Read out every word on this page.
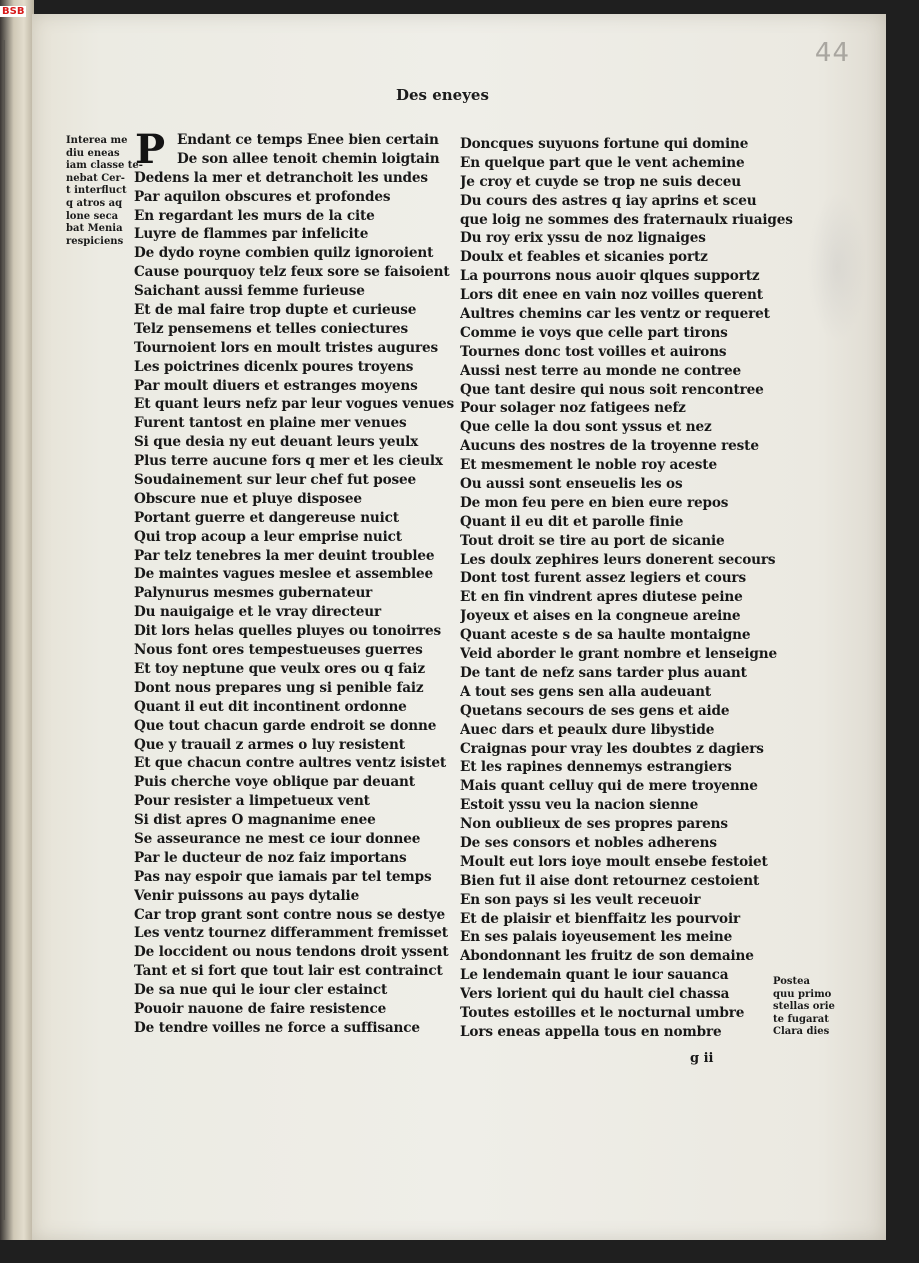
BSB
44
Des eneyes
Interea me
diu eneas
iam classe te-
nebat Cer-
t interfluct
q atros aq
lone seca
bat Menia
respiciens
P Endant ce temps Enee bien certain
De son allee tenoit chemin loigtain
Dedens la mer et detranchoit les undes
Par aquilon obscures et profondes
En regardant les murs de la cite
Luyre de flammes par infelicite
De dydo royne combien quilz ignoroient
Cause pourquoy telz feux sore se faisoient
Saichant aussi femme furieuse
Et de mal faire trop dupte et curieuse
Telz pensemens et telles coniectures
Tournoient lors en moult tristes augures
Les poictrines dicenlx poures troyens
Par moult diuers et estranges moyens
Et quant leurs nefz par leur vogues venues
Furent tantost en plaine mer venues
Si que desia ny eut deuant leurs yeulx
Plus terre aucune fors q mer et les cieulx
Soudainement sur leur chef fut posee
Obscure nue et pluye disposee
Portant guerre et dangereuse nuict
Qui trop acoup a leur emprise nuict
Par telz tenebres la mer deuint troublee
De maintes vagues meslee et assemblee
Palynurus mesmes gubernateur
Du nauigaige et le vray directeur
Dit lors helas quelles pluyes ou tonoirres
Nous font ores tempestueuses guerres
Et toy neptune que veulx ores ou q faiz
Dont nous prepares ung si penible faiz
Quant il eut dit incontinent ordonne
Que tout chacun garde endroit se donne
Que y trauail z armes o luy resistent
Et que chacun contre aultres ventz isistet
Puis cherche voye oblique par deuant
Pour resister a limpetueux vent
Si dist apres O magnanime enee
Se asseurance ne mest ce iour donnee
Par le ducteur de noz faiz importans
Pas nay espoir que iamais par tel temps
Venir puissons au pays dytalie
Car trop grant sont contre nous se destye
Les ventz tournez differamment fremisset
De loccident ou nous tendons droit yssent
Tant et si fort que tout lair est contrainct
De sa nue qui le iour cler estainct
Pouoir nauone de faire resistence
De tendre voilles ne force a suffisance
Doncques suyuons fortune qui domine
En quelque part que le vent achemine
Je croy et cuyde se trop ne suis deceu
Du cours des astres q iay aprins et sceu
que loig ne sommes des fraternaulx riuaiges
Du roy erix yssu de noz lignaiges
Doulx et feables et sicanies portz
La pourrons nous auoir qlques supportz
Lors dit enee en vain noz voilles querent
Aultres chemins car les ventz or requeret
Comme ie voys que celle part tirons
Tournes donc tost voilles et auirons
Aussi nest terre au monde ne contree
Que tant desire qui nous soit rencontree
Pour solager noz fatigees nefz
Que celle la dou sont yssus et nez
Aucuns des nostres de la troyenne reste
Et mesmement le noble roy aceste
Ou aussi sont enseuelis les os
De mon feu pere en bien eure repos
Quant il eu dit et parolle finie
Tout droit se tire au port de sicanie
Les doulx zephires leurs donerent secours
Dont tost furent assez legiers et cours
Et en fin vindrent apres diutese peine
Joyeux et aises en la congneue areine
Quant aceste s de sa haulte montaigne
Veid aborder le grant nombre et lenseigne
De tant de nefz sans tarder plus auant
A tout ses gens sen alla audeuant
Quetans secours de ses gens et aide
Auec dars et peaulx dure libystide
Craignas pour vray les doubtes z dagiers
Et les rapines dennemys estrangiers
Mais quant celluy qui de mere troyenne
Estoit yssu veu la nacion sienne
Non oublieux de ses propres parens
De ses consors et nobles adherens
Moult eut lors ioye moult ensebe festoiet
Bien fut il aise dont retournez cestoient
En son pays si les veult receuoir
Et de plaisir et bienffaitz les pourvoir
En ses palais ioyeusement les meine
Abondonnant les fruitz de son demaine
Le lendemain quant le iour sauanca
Vers lorient qui du hault ciel chassa
Toutes estoilles et le nocturnal umbre
Lors eneas appella tous en nombre
Postea
quu primo
stellas orie
te fugarat
Clara dies
g ii
